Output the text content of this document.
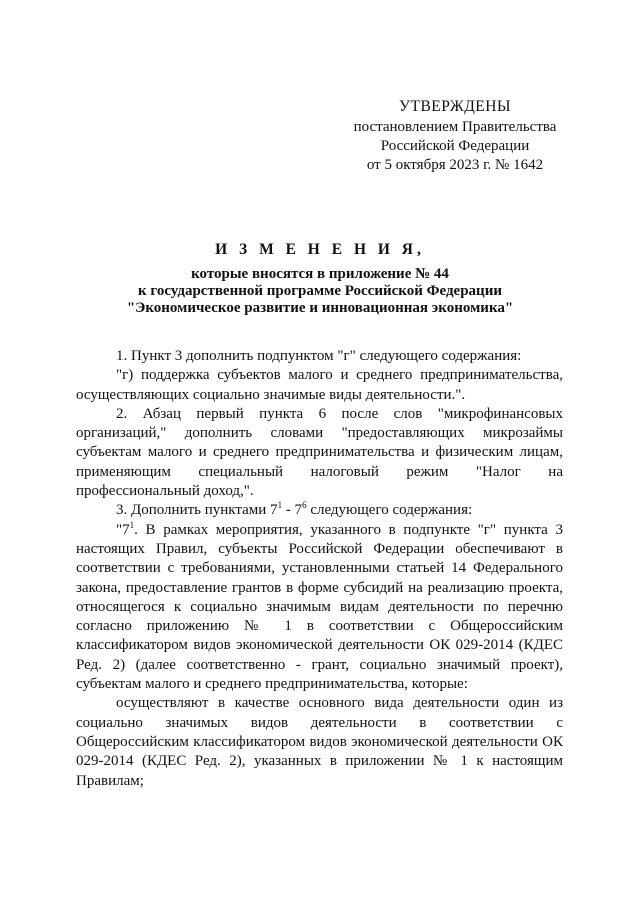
УТВЕРЖДЕНЫ
постановлением Правительства
Российской Федерации
от 5 октября 2023 г. № 1642
И З М Е Н Е Н И Я,
которые вносятся в приложение № 44
к государственной программе Российской Федерации
"Экономическое развитие и инновационная экономика"

1. Пункт 3 дополнить подпунктом "г" следующего содержания:

"г) поддержка субъектов малого и среднего предпринимательства, осуществляющих социально значимые виды деятельности.".

2. Абзац первый пункта 6 после слов "микрофинансовых организаций," дополнить словами "предоставляющих микрозаймы субъектам малого и среднего предпринимательства и физическим лицам, применяющим специальный налоговый режим "Налог на профессиональный доход,".

3. Дополнить пунктами $7^1 - 7^6$ следующего содержания:

"$7^1$. В рамках мероприятия, указанного в подпункте "г" пункта 3 настоящих Правил, субъекты Российской Федерации обеспечивают в соответствии с требованиями, установленными статьей 14 Федерального закона, предоставление грантов в форме субсидий на реализацию проекта, относящегося к социально значимым видам деятельности по перечню согласно приложению № 1 в соответствии с Общероссийским классификатором видов экономической деятельности ОК 029-2014 (КДЕС Ред. 2) (далее соответственно - грант, социально значимый проект), субъектам малого и среднего предпринимательства, которые:

осуществляют в качестве основного вида деятельности один из социально значимых видов деятельности в соответствии с Общероссийским классификатором видов экономической деятельности ОК 029-2014 (КДЕС Ред. 2), указанных в приложении № 1 к настоящим Правилам;
